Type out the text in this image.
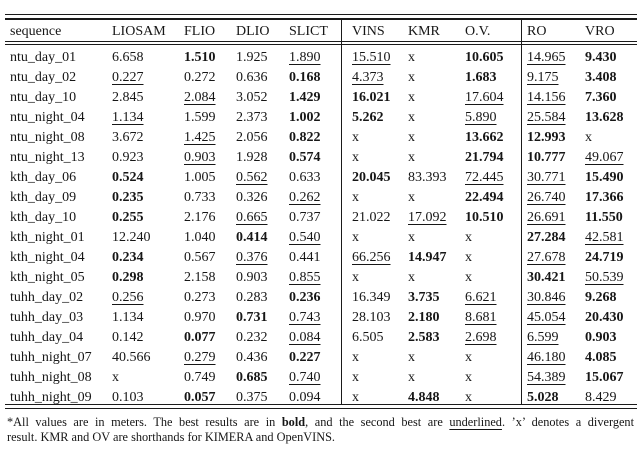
sequence	LIOSAM	FLIO	DLIO	SLICT	VINS	KMR	O.V.	RO	VRO
ntu_day_01	6.658	1.510	1.925	1.890	15.510	x	10.605	14.965	9.430
ntu_day_02	0.227	0.272	0.636	0.168	4.373	x	1.683	9.175	3.408
ntu_day_10	2.845	2.084	3.052	1.429	16.021	x	17.604	14.156	7.360
ntu_night_04	1.134	1.599	2.373	1.002	5.262	x	5.890	25.584	13.628
ntu_night_08	3.672	1.425	2.056	0.822	x	x	13.662	12.993	x
ntu_night_13	0.923	0.903	1.928	0.574	x	x	21.794	10.777	49.067
kth_day_06	0.524	1.005	0.562	0.633	20.045	83.393	72.445	30.771	15.490
kth_day_09	0.235	0.733	0.326	0.262	x	x	22.494	26.740	17.366
kth_day_10	0.255	2.176	0.665	0.737	21.022	17.092	10.510	26.691	11.550
kth_night_01	12.240	1.040	0.414	0.540	x	x	x	27.284	42.581
kth_night_04	0.234	0.567	0.376	0.441	66.256	14.947	x	27.678	24.719
kth_night_05	0.298	2.158	0.903	0.855	x	x	x	30.421	50.539
tuhh_day_02	0.256	0.273	0.283	0.236	16.349	3.735	6.621	30.846	9.268
tuhh_day_03	1.134	0.970	0.731	0.743	28.103	2.180	8.681	45.054	20.430
tuhh_day_04	0.142	0.077	0.232	0.084	6.505	2.583	2.698	6.599	0.903
tuhh_night_07	40.566	0.279	0.436	0.227	x	x	x	46.180	4.085
tuhh_night_08	x	0.749	0.685	0.740	x	x	x	54.389	15.067
tuhh_night_09	0.103	0.057	0.375	0.094	x	4.848	x	5.028	8.429
*All values are in meters. The best results are in bold, and the second best are underlined. ’x’ denotes a divergent
result. KMR and OV are shorthands for KIMERA and OpenVINS.
